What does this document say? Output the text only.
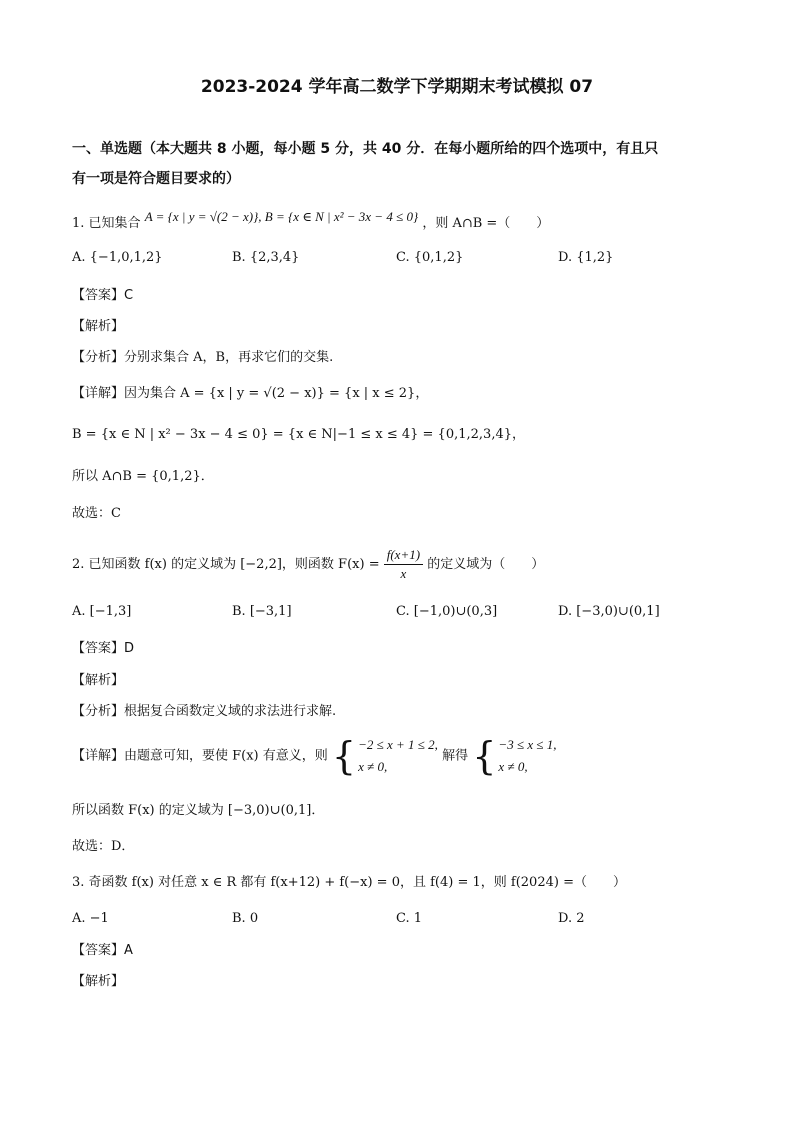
2023-2024 学年高二数学下学期期末考试模拟 07
一、单选题（本大题共 8 小题，每小题 5 分，共 40 分．在每小题所给的四个选项中，有且只
有一项是符合题目要求的）
1. 已知集合 A = {x | y = √(2 − x)}, B = {x ∈ N | x² − 3x − 4 ≤ 0} ，则 A∩B =（　　）
A. {−1,0,1,2}	B. {2,3,4}	C. {0,1,2}	D. {1,2}
【答案】C
【解析】
【分析】分别求集合 A，B，再求它们的交集.
【详解】因为集合 A = {x | y = √(2 − x)} = {x | x ≤ 2}，
B = {x ∈ N | x² − 3x − 4 ≤ 0} = {x ∈ N|−1 ≤ x ≤ 4} = {0,1,2,3,4}，
所以 A∩B = {0,1,2}．
故选：C
2. 已知函数 f(x) 的定义域为 [−2,2]，则函数 $F(x) = \frac{f(x+1)}{x}$ 的定义域为（　　）
A. [−1,3]	B. [−3,1]	C. [−1,0)∪(0,3]	D. [−3,0)∪(0,1]
【答案】D
【解析】
【分析】根据复合函数定义域的求法进行求解.
【详解】由题意可知，要使 F(x) 有意义，则 { −2 ≤ x + 1 ≤ 2,
x ≠ 0,
解得 { −3 ≤ x ≤ 1,
x ≠ 0,
所以函数 F(x) 的定义域为 [−3,0)∪(0,1]．
故选：D．
3. 奇函数 f(x) 对任意 x ∈ R 都有 f(x+12) + f(−x) = 0，且 f(4) = 1，则 f(2024) =（　　）
A. −1	B. 0	C. 1	D. 2
【答案】A
【解析】
